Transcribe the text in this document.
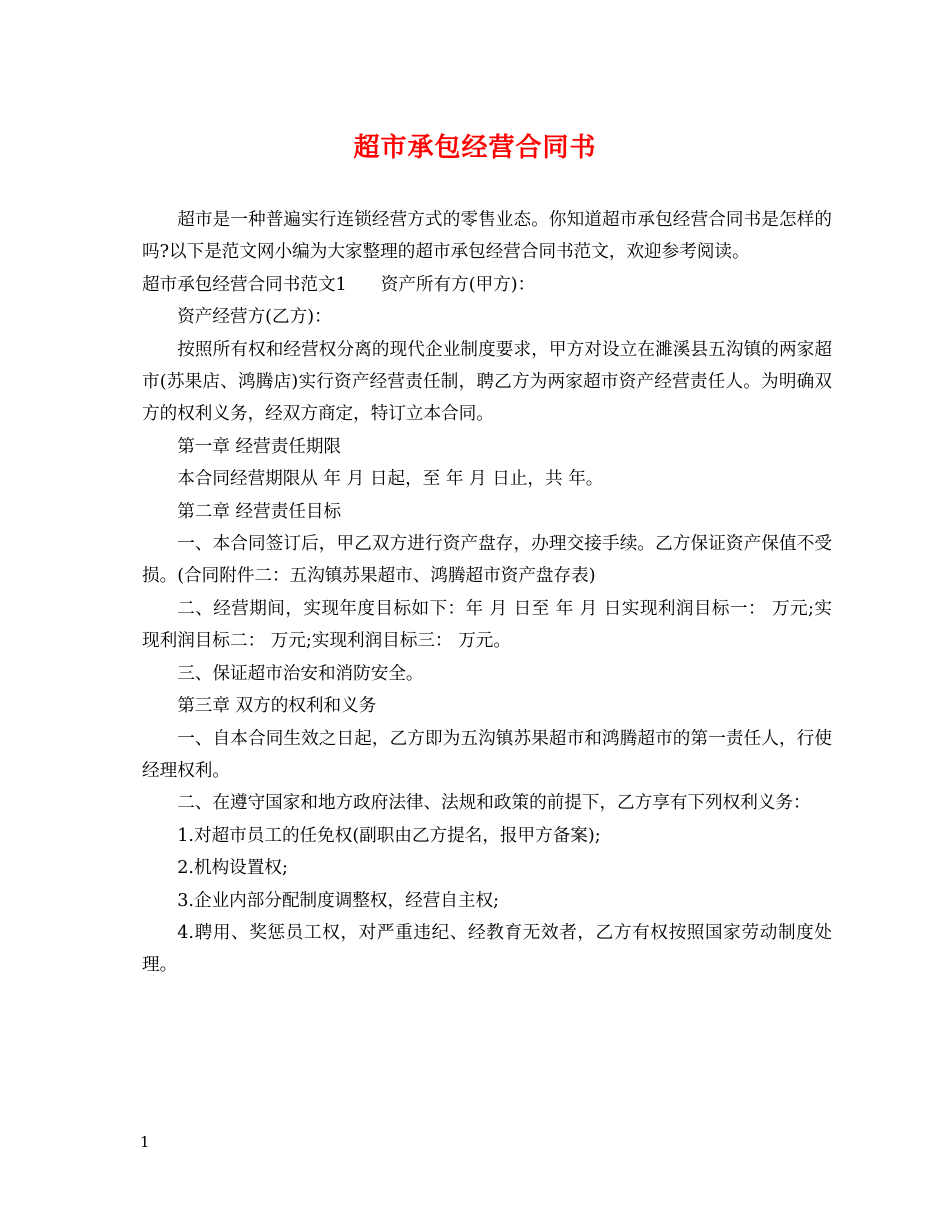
超市承包经营合同书

超市是一种普遍实行连锁经营方式的零售业态。你知道超市承包经营合同书是怎样的吗?以下是范文网小编为大家整理的超市承包经营合同书范文，欢迎参考阅读。

超市承包经营合同书范文1 资产所有方(甲方)：

资产经营方(乙方)：

按照所有权和经营权分离的现代企业制度要求，甲方对设立在濉溪县五沟镇的两家超市(苏果店、鸿腾店)实行资产经营责任制，聘乙方为两家超市资产经营责任人。为明确双方的权利义务，经双方商定，特订立本合同。

第一章 经营责任期限

本合同经营期限从 年 月 日起，至 年 月 日止，共 年。

第二章 经营责任目标

一、本合同签订后，甲乙双方进行资产盘存，办理交接手续。乙方保证资产保值不受损。(合同附件二：五沟镇苏果超市、鸿腾超市资产盘存表)

二、经营期间，实现年度目标如下：年 月 日至 年 月 日实现利润目标一： 万元;实现利润目标二： 万元;实现利润目标三： 万元。

三、保证超市治安和消防安全。

第三章 双方的权利和义务

一、自本合同生效之日起，乙方即为五沟镇苏果超市和鸿腾超市的第一责任人，行使经理权利。

二、在遵守国家和地方政府法律、法规和政策的前提下，乙方享有下列权利义务：

1.对超市员工的任免权(副职由乙方提名，报甲方备案);

2.机构设置权;

3.企业内部分配制度调整权，经营自主权;

4.聘用、奖惩员工权，对严重违纪、经教育无效者，乙方有权按照国家劳动制度处理。

1
